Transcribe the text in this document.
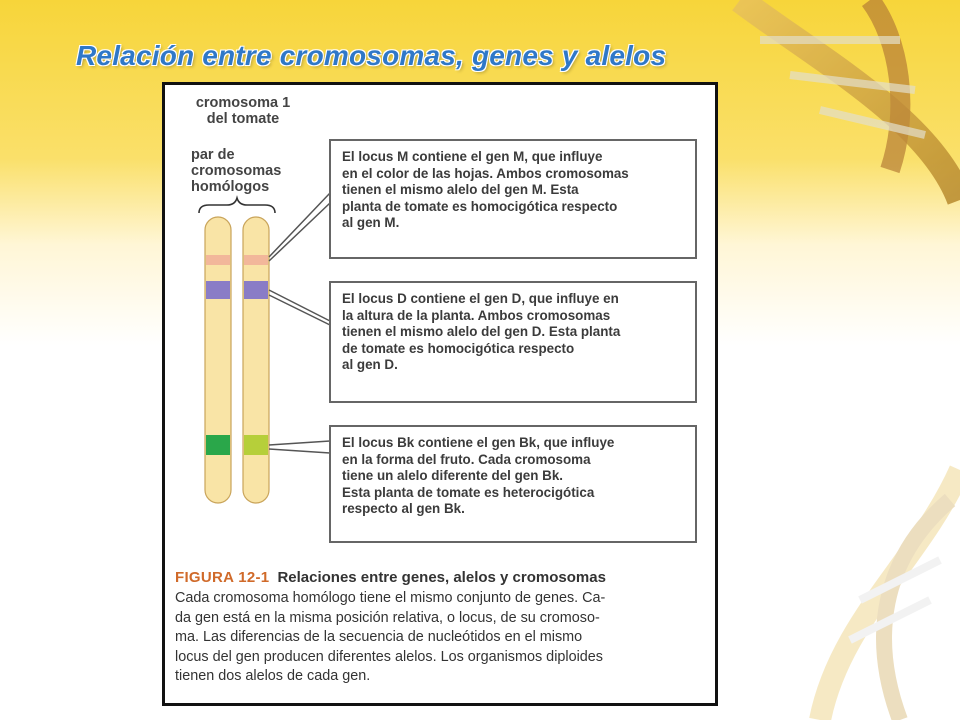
Relación entre cromosomas, genes y alelos
cromosoma 1
del tomate
par de
cromosomas
homólogos
El locus M contiene el gen M, que influye
en el color de las hojas. Ambos cromosomas
tienen el mismo alelo del gen M. Esta
planta de tomate es homocigótica respecto
al gen M.
El locus D contiene el gen D, que influye en
la altura de la planta. Ambos cromosomas
tienen el mismo alelo del gen D. Esta planta
de tomate es homocigótica respecto
al gen D.
El locus Bk contiene el gen Bk, que influye
en la forma del fruto. Cada cromosoma
tiene un alelo diferente del gen Bk.
Esta planta de tomate es heterocigótica
respecto al gen Bk.
FIGURA 12-1 Relaciones entre genes, alelos y cromosomas
Cada cromosoma homólogo tiene el mismo conjunto de genes. Ca-
da gen está en la misma posición relativa, o locus, de su cromoso-
ma. Las diferencias de la secuencia de nucleótidos en el mismo
locus del gen producen diferentes alelos. Los organismos diploides
tienen dos alelos de cada gen.
